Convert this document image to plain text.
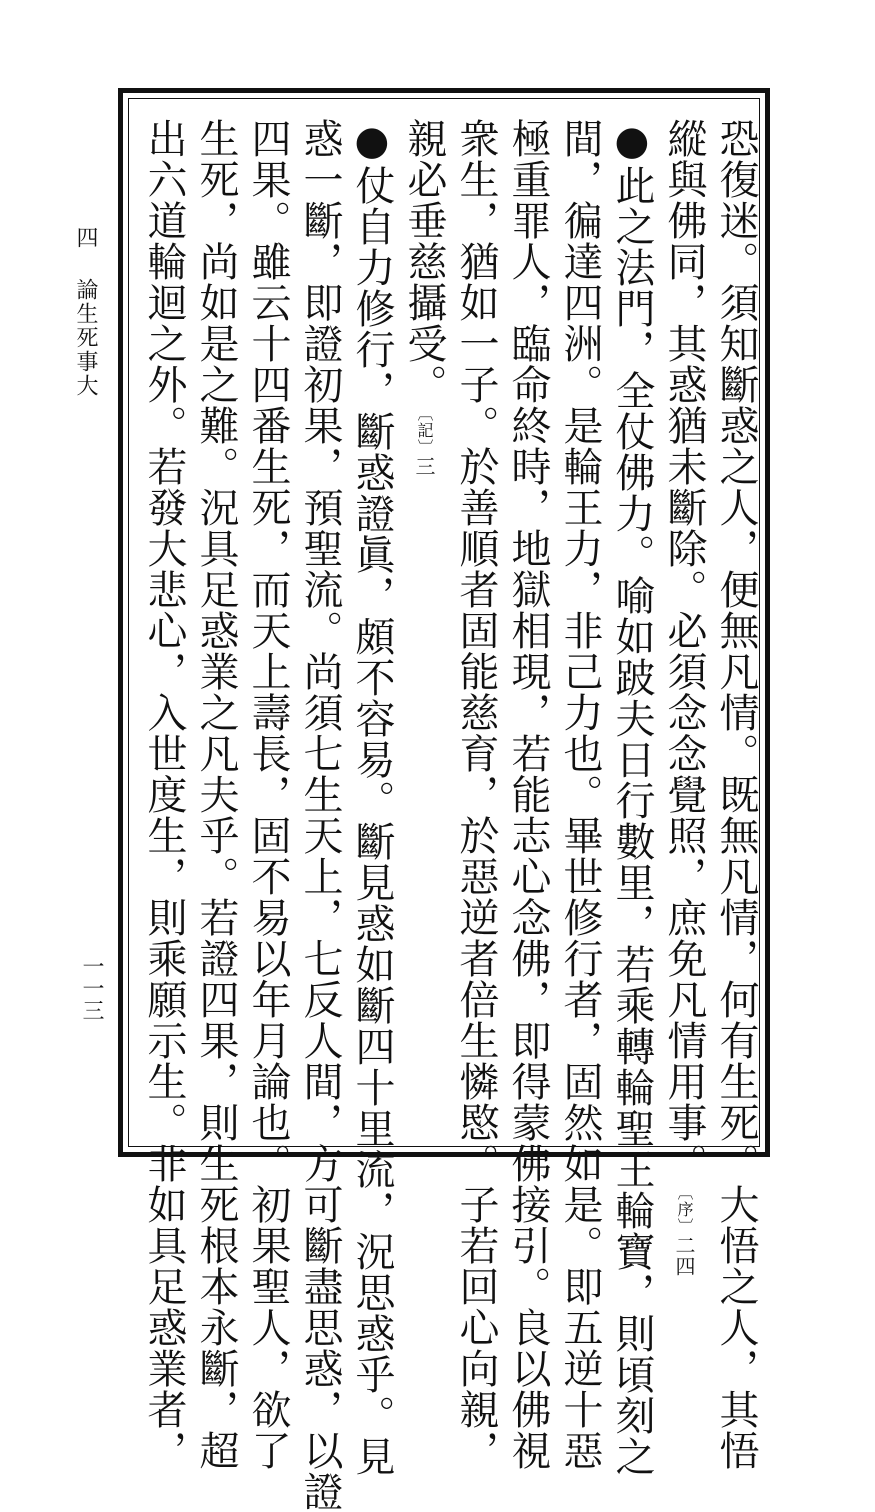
四
論生死事大
一一三	恐復迷。須知斷惑之人，便無凡情。既無凡情，何有生死。大悟之人，其悟
縱與佛同，其惑猶未斷除。必須念念覺照，庶免凡情用事。〔序〕二四
●此之法門，全仗佛力。喻如跛夫日行數里，若乘轉輪聖王輪寶，則頃刻之
間，徧達四洲。是輪王力，非己力也。畢世修行者，固然如是。即五逆十惡
極重罪人，臨命終時，地獄相現，若能志心念佛，即得蒙佛接引。良以佛視
衆生，猶如一子。於善順者固能慈育，於惡逆者倍生憐愍。子若回心向親，
親必垂慈攝受。〔記〕三
●仗自力修行，斷惑證眞，頗不容易。斷見惑如斷四十里流，況思惑乎。見
惑一斷，即證初果，預聖流。尚須七生天上，七反人間，方可斷盡思惑，以證
四果。雖云十四番生死，而天上壽長，固不易以年月論也。初果聖人，欲了
生死，尚如是之難。況具足惑業之凡夫乎。若證四果，則生死根本永斷，超
出六道輪迴之外。若發大悲心，入世度生，則乘願示生。非如具足惑業者，
